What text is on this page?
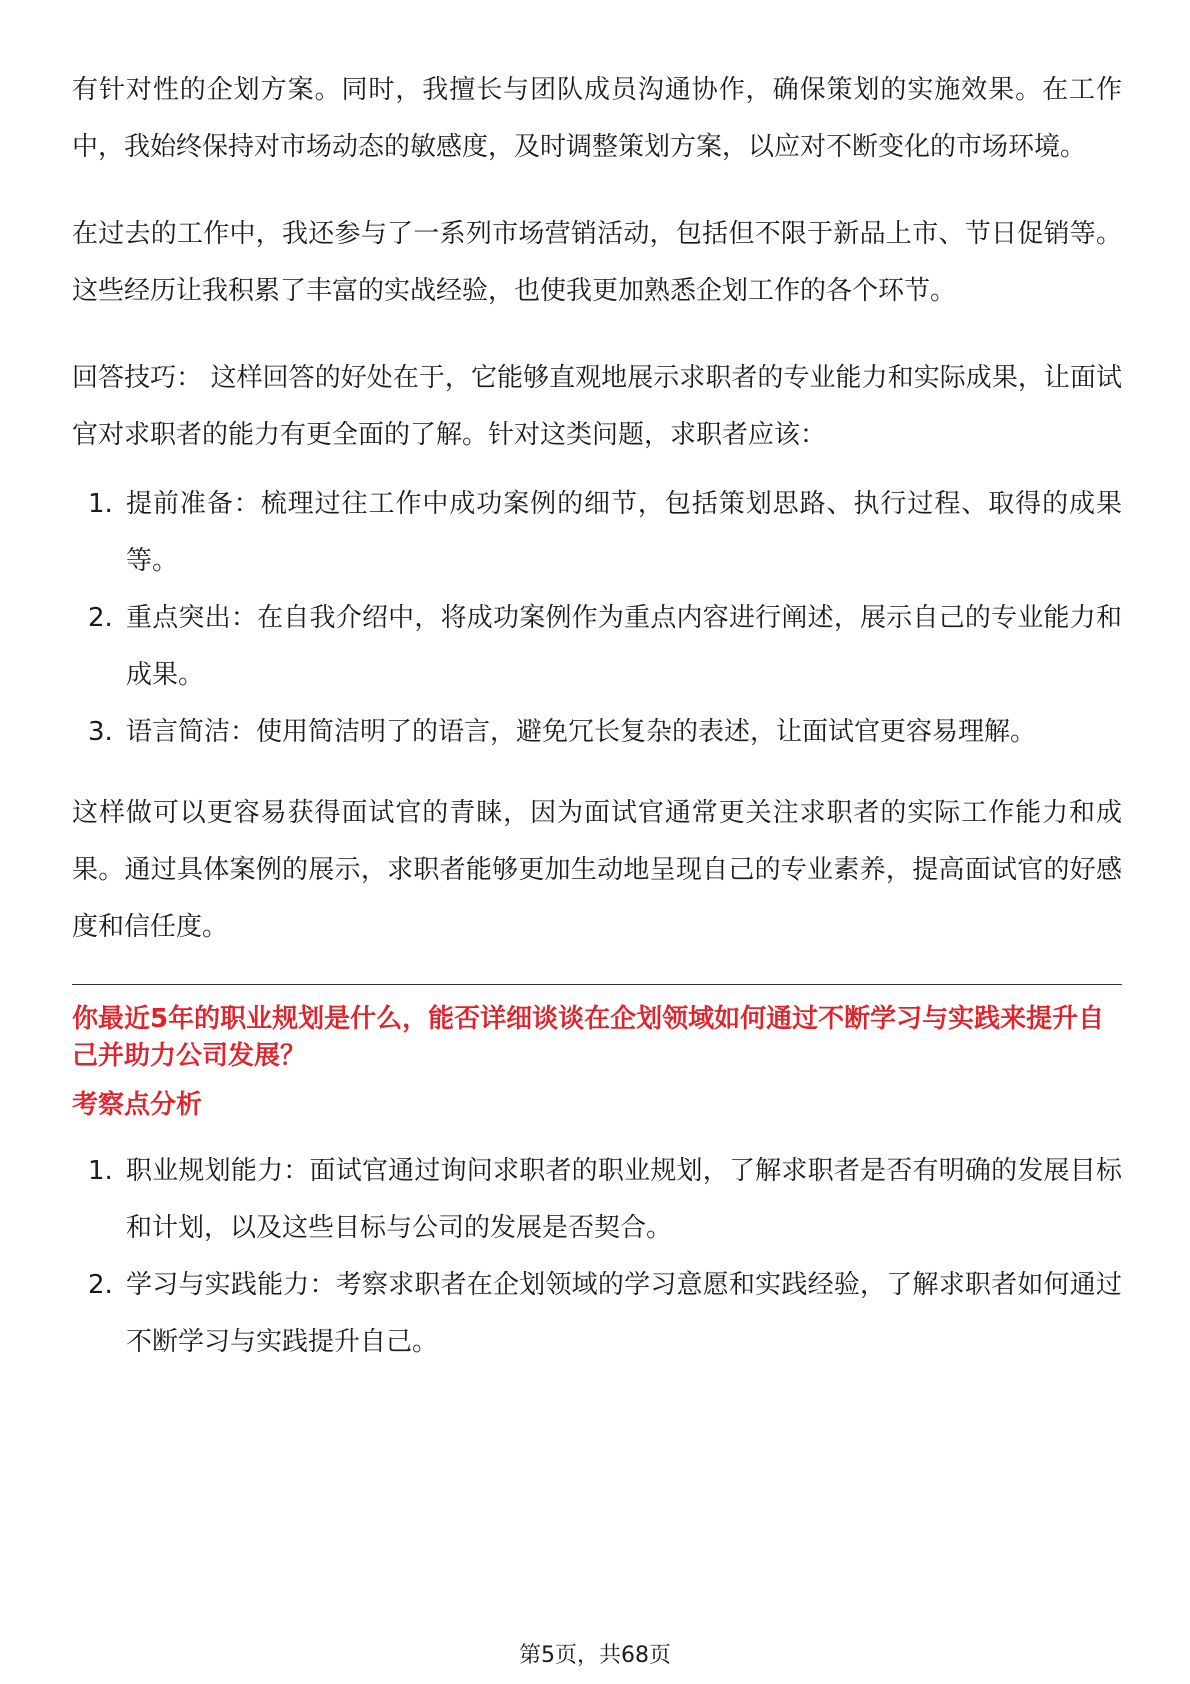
有针对性的企划方案。同时，我擅长与团队成员沟通协作，确保策划的实施效果。在工作中，我始终保持对市场动态的敏感度，及时调整策划方案，以应对不断变化的市场环境。

在过去的工作中，我还参与了一系列市场营销活动，包括但不限于新品上市、节日促销等。这些经历让我积累了丰富的实战经验，也使我更加熟悉企划工作的各个环节。

回答技巧： 这样回答的好处在于，它能够直观地展示求职者的专业能力和实际成果，让面试官对求职者的能力有更全面的了解。针对这类问题，求职者应该：

1. 提前准备：梳理过往工作中成功案例的细节，包括策划思路、执行过程、取得的成果等。
2. 重点突出：在自我介绍中，将成功案例作为重点内容进行阐述，展示自己的专业能力和成果。
3. 语言简洁：使用简洁明了的语言，避免冗长复杂的表述，让面试官更容易理解。

这样做可以更容易获得面试官的青睐，因为面试官通常更关注求职者的实际工作能力和成果。通过具体案例的展示，求职者能够更加生动地呈现自己的专业素养，提高面试官的好感度和信任度。

你最近5年的职业规划是什么，能否详细谈谈在企划领域如何通过不断学习与实践来提升自己并助力公司发展？

考察点分析

1. 职业规划能力：面试官通过询问求职者的职业规划，了解求职者是否有明确的发展目标和计划，以及这些目标与公司的发展是否契合。
2. 学习与实践能力：考察求职者在企划领域的学习意愿和实践经验，了解求职者如何通过不断学习与实践提升自己。
第5页，共68页
